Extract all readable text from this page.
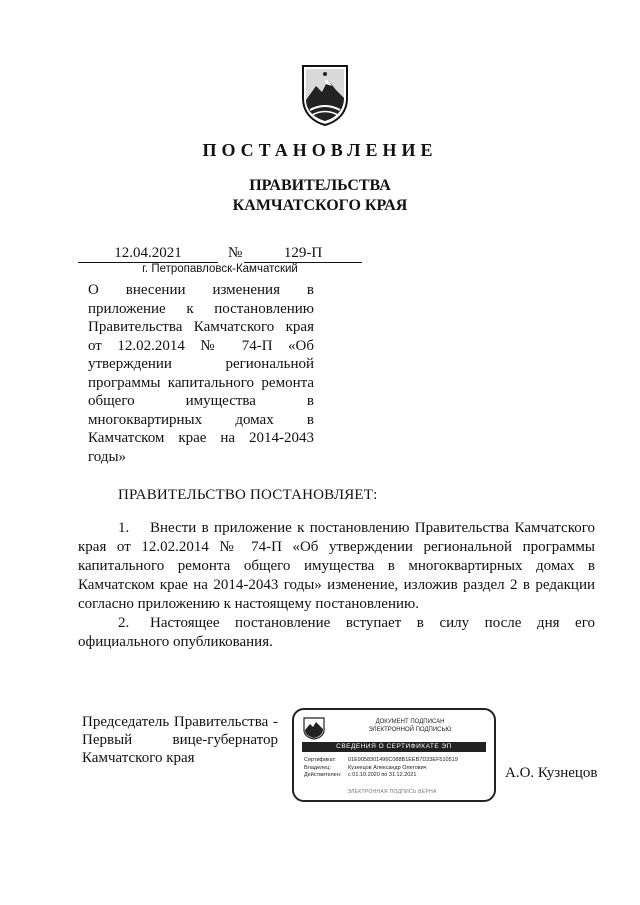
ПОСТАНОВЛЕНИЕ
ПРАВИТЕЛЬСТВА
КАМЧАТСКОГО КРАЯ
12.04.2021	№	129-П
г. Петропавловск-Камчатский
О внесении изменения в
приложение к постановлению
Правительства Камчатского края
от 12.02.2014 № 74-П «Об
утверждении региональной
программы капитального ремонта
общего имущества в
многоквартирных домах в
Камчатском крае на 2014-2043
годы»
ПРАВИТЕЛЬСТВО ПОСТАНОВЛЯЕТ:
1. Внести в приложение к постановлению Правительства Камчатского края от 12.02.2014 № 74-П «Об утверждении региональной программы капитального ремонта общего имущества в многоквартирных домах в Камчатском крае на 2014-2043 годы» изменение, изложив раздел 2 в редакции согласно приложению к настоящему постановлению.
2. Настоящее постановление вступает в силу после дня его официального опубликования.
Председатель Правительства -
Первый вице-губернатор
Камчатского края
ДОКУМЕНТ ПОДПИСАН
ЭЛЕКТРОННОЙ ПОДПИСЬЮ
СВЕДЕНИЯ О СЕРТИФИКАТЕ ЭП
Сертификат: 01E9058301496C088B1EEB7D33EF510519
Владелец:	Кузнецов Александр Олегович
Действителен: с 01.10.2020 по 31.12.2021
ЭЛЕКТРОННАЯ ПОДПИСЬ ВЕРНА
А.О. Кузнецов
